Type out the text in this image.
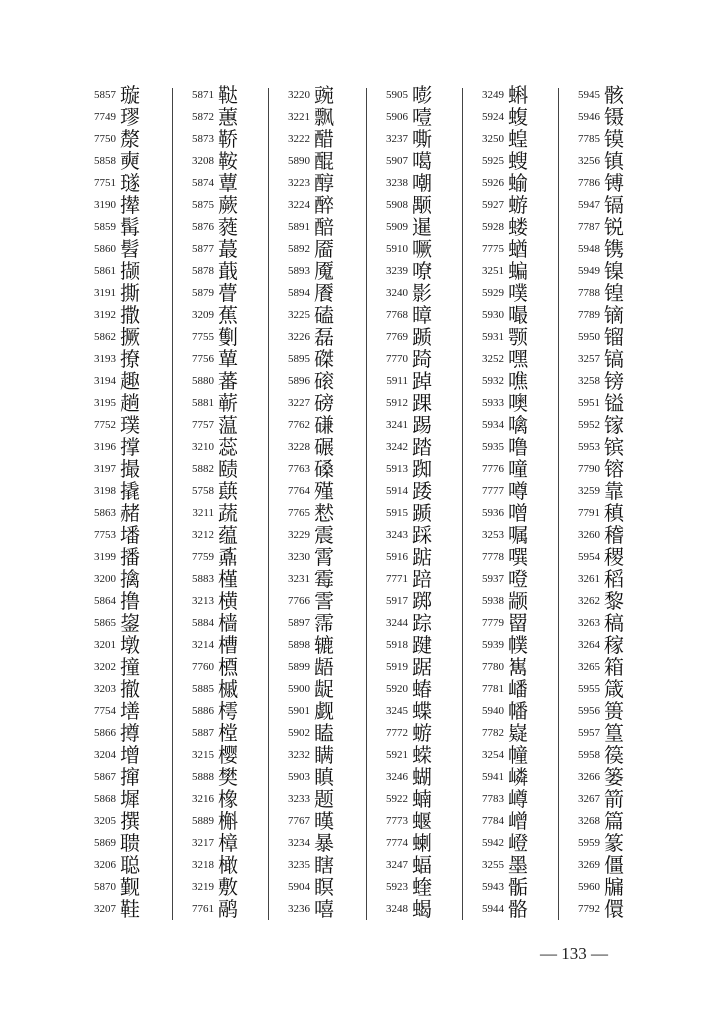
5857 璇
7749 璆
7750 漦
5858 奭
7751 璲
3190 撵
5859 髯
5860 髫
5861 撷
3191 撕
3192 撒
5862 撅
3193 撩
3194 趣
3195 趟
7752 璞
3196 撑
3197 撮
3198 撬
5863 赭
7753 墦
3199 播
3200 擒
5864 撸
5865 鋆
3201 墩
3202 撞
3203 撤
7754 墡
5866 撙
3204 增
5867 撺
5868 墀
3205 撰
5869 聩
3206 聪
5870 觐
3207 鞋
5871 鞑
5872 蕙
5873 鞒
3208 鞍
5874 蕈
5875 蕨
5876 蕤
5877 蕞
5878 蕺
5879 瞢
3209 蕉
7755 劐
7756 蕇
5880 蕃
5881 蕲
7757 蕰
3210 蕊
5882 赜
5758 蕻
3211 蔬
3212 蕴
7759 鼒
5883 槿
3213 横
5884 樯
3214 槽
7760 槱
5885 槭
5886 樗
5887 樘
3215 樱
5888 樊
3216 橡
5889 槲
3217 樟
3218 橄
3219 敷
7761 鹝
3220 豌
3221 飘
3222 醋
5890 醌
3223 醇
3224 醉
5891 醅
5892 靥
5893 魇
5894 餍
3225 磕
3226 磊
5895 磔
5896 磙
3227 磅
7762 磏
3228 碾
7763 磉
7764 殣
7765 慭
3229 震
3230 霄
3231 霉
7766 霅
5897 霈
5898 辘
5899 龉
5900 龊
5901 觑
5902 瞌
3232 瞒
5903 瞋
3233 题
7767 暵
3234 暴
3235 瞎
5904 瞑
3236 嘻
5905 嘭
5906 噎
3237 嘶
5907 噶
3238 嘲
5908 颙
5909 暹
5910 噘
3239 嘹
3240 影
7768 暲
7769 踬
7770 踦
5911 踔
5912 踝
3241 踢
3242 踏
5913 踟
5914 踒
5915 踬
3243 踩
5916 踮
7771 踣
5917 踯
3244 踪
5918 踺
5919 踞
5920 蝽
3245 蝶
7772 蝣
5921 蝾
3246 蝴
5922 蝻
7773 蝘
7774 蝲
3247 蝠
5923 蝰
3248 蝎
3249 蝌
5924 蝮
3250 蝗
5925 螋
5926 蝓
5927 蝣
5928 蝼
7775 蝤
3251 蝙
5929 噗
5930 嘬
5931 颚
3252 嘿
5932 噍
5933 噢
5934 噙
5935 噜
7776 噇
7777 噂
5936 噌
3253 嘱
7778 噀
5937 噔
5938 颛
7779 罶
5939 幞
7780 嶲
7781 嶓
5940 幡
7782 嶷
3254 幢
5941 嶙
7783 嶟
7784 嶒
5942 嶝
3255 墨
5943 骺
5944 骼
5945 骸
5946 镊
7785 镆
3256 镇
7786 镈
5947 镉
7787 锐
5948 镌
5949 镍
7788 锽
7789 镝
5950 镏
3257 镐
3258 镑
5951 镒
5952 镓
5953 镔
7790 镕
3259 靠
7791 稹
3260 稽
5954 稷
3261 稻
3262 黎
3263 稿
3264 稼
3265 箱
5955 箴
5956 篑
5957 篁
5958 篌
3266 篓
3267 箭
3268 篇
5959 篆
3269 僵
5960 牖
7792 儇
— 133 —
